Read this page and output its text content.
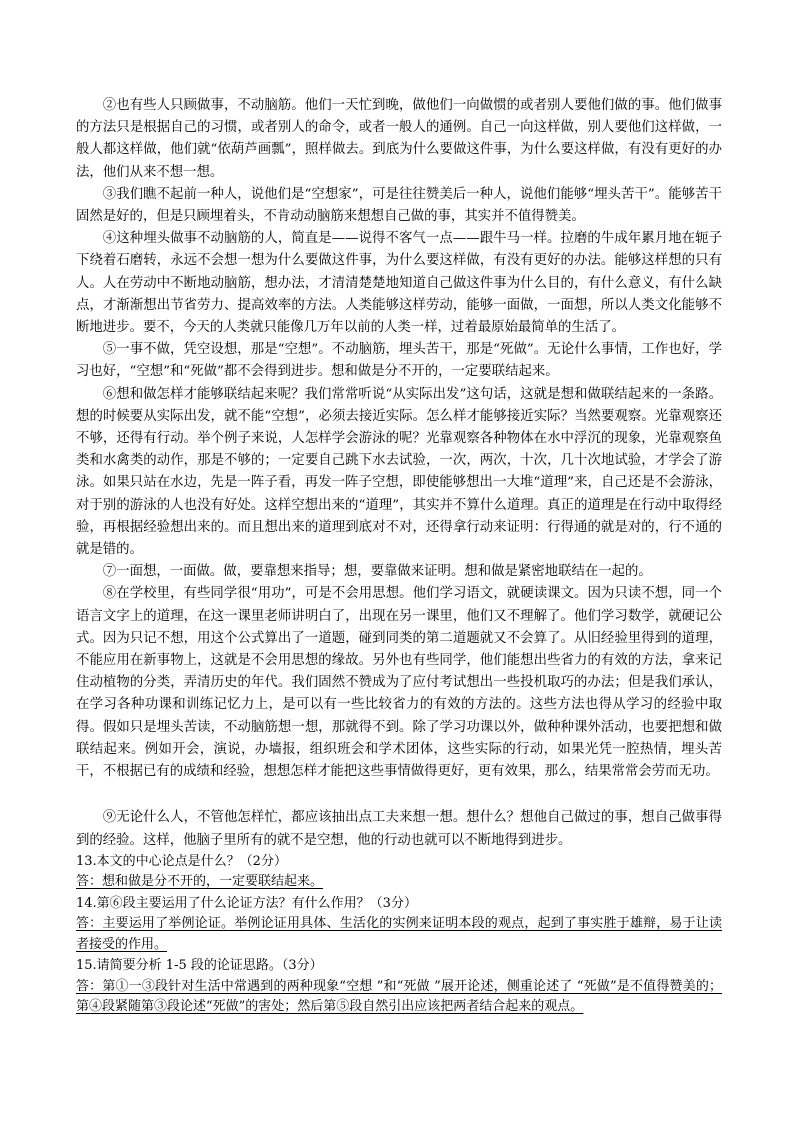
②也有些人只顾做事，不动脑筋。他们一天忙到晚，做他们一向做惯的或者别人要他们做的事。他们做事的方法只是根据自己的习惯，或者别人的命令，或者一般人的通例。自己一向这样做，别人要他们这样做，一般人都这样做，他们就“依葫芦画瓢”，照样做去。到底为什么要做这件事，为什么要这样做，有没有更好的办法，他们从来不想一想。

③我们瞧不起前一种人，说他们是“空想家”，可是往往赞美后一种人，说他们能够“埋头苦干”。能够苦干固然是好的，但是只顾埋着头，不肯动动脑筋来想想自己做的事，其实并不值得赞美。

④这种埋头做事不动脑筋的人，简直是——说得不客气一点——跟牛马一样。拉磨的牛成年累月地在轭子下绕着石磨转，永远不会想一想为什么要做这件事，为什么要这样做，有没有更好的办法。能够这样想的只有人。人在劳动中不断地动脑筋，想办法，才清清楚楚地知道自己做这件事为什么目的，有什么意义，有什么缺点，才渐渐想出节省劳力、提高效率的方法。人类能够这样劳动，能够一面做，一面想，所以人类文化能够不断地进步。要不，今天的人类就只能像几万年以前的人类一样，过着最原始最简单的生活了。

⑤一事不做，凭空设想，那是“空想”。不动脑筋，埋头苦干，那是“死做”。无论什么事情，工作也好，学习也好，“空想”和“死做”都不会得到进步。想和做是分不开的，一定要联结起来。

⑥想和做怎样才能够联结起来呢？我们常常听说“从实际出发”这句话，这就是想和做联结起来的一条路。想的时候要从实际出发，就不能“空想”，必须去接近实际。怎么样才能够接近实际？当然要观察。光靠观察还不够，还得有行动。举个例子来说，人怎样学会游泳的呢？光靠观察各种物体在水中浮沉的现象，光靠观察鱼类和水禽类的动作，那是不够的；一定要自己跳下水去试验，一次，两次，十次，几十次地试验，才学会了游泳。如果只站在水边，先是一阵子看，再发一阵子空想，即使能够想出一大堆“道理”来，自己还是不会游泳，对于别的游泳的人也没有好处。这样空想出来的“道理”，其实并不算什么道理。真正的道理是在行动中取得经验，再根据经验想出来的。而且想出来的道理到底对不对，还得拿行动来证明：行得通的就是对的，行不通的就是错的。

⑦一面想，一面做。做，要靠想来指导；想，要靠做来证明。想和做是紧密地联结在一起的。

⑧在学校里，有些同学很“用功”，可是不会用思想。他们学习语文，就硬读课文。因为只读不想，同一个语言文字上的道理，在这一课里老师讲明白了，出现在另一课里，他们又不理解了。他们学习数学，就硬记公式。因为只记不想，用这个公式算出了一道题，碰到同类的第二道题就又不会算了。从旧经验里得到的道理，不能应用在新事物上，这就是不会用思想的缘故。另外也有些同学，他们能想出些省力的有效的方法，拿来记住动植物的分类，弄清历史的年代。我们固然不赞成为了应付考试想出一些投机取巧的办法；但是我们承认，在学习各种功课和训练记忆力上，是可以有一些比较省力的有效的方法的。这些方法也得从学习的经验中取得。假如只是埋头苦读，不动脑筋想一想，那就得不到。除了学习功课以外，做种种课外活动，也要把想和做联结起来。例如开会，演说，办墙报，组织班会和学术团体，这些实际的行动，如果光凭一腔热情，埋头苦干，不根据已有的成绩和经验，想想怎样才能把这些事情做得更好，更有效果，那么，结果常常会劳而无功。

⑨无论什么人，不管他怎样忙，都应该抽出点工夫来想一想。想什么？想他自己做过的事，想自己做事得到的经验。这样，他脑子里所有的就不是空想，他的行动也就可以不断地得到进步。

13.本文的中心论点是什么？（2分）

答：想和做是分不开的，一定要联结起来。

14.第⑥段主要运用了什么论证方法？有什么作用？（3分）

答：主要运用了举例论证。举例论证用具体、生活化的实例来证明本段的观点，起到了事实胜于雄辩，易于让读者接受的作用。

15.请简要分析 1-5 段的论证思路。（3分）

答：第①一③段针对生活中常遇到的两种现象“空想 ”和“死做 ”展开论述，侧重论述了 “死做”是不值得赞美的；第④段紧随第③段论述“死做”的害处；然后第⑤段自然引出应该把两者结合起来的观点。
